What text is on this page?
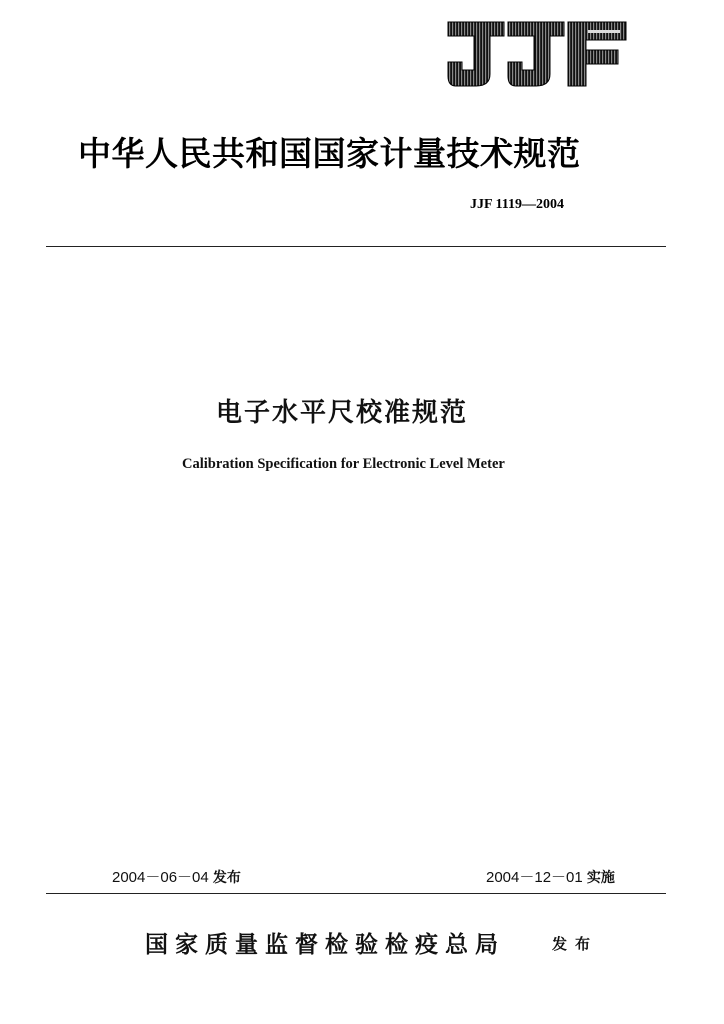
中华人民共和国国家计量技术规范
JJF 1119—2004
电子水平尺校准规范
Calibration Specification for Electronic Level Meter
2004－06－04 发布	2004－12－01 实施
国家质量监督检验检疫总局	发布
